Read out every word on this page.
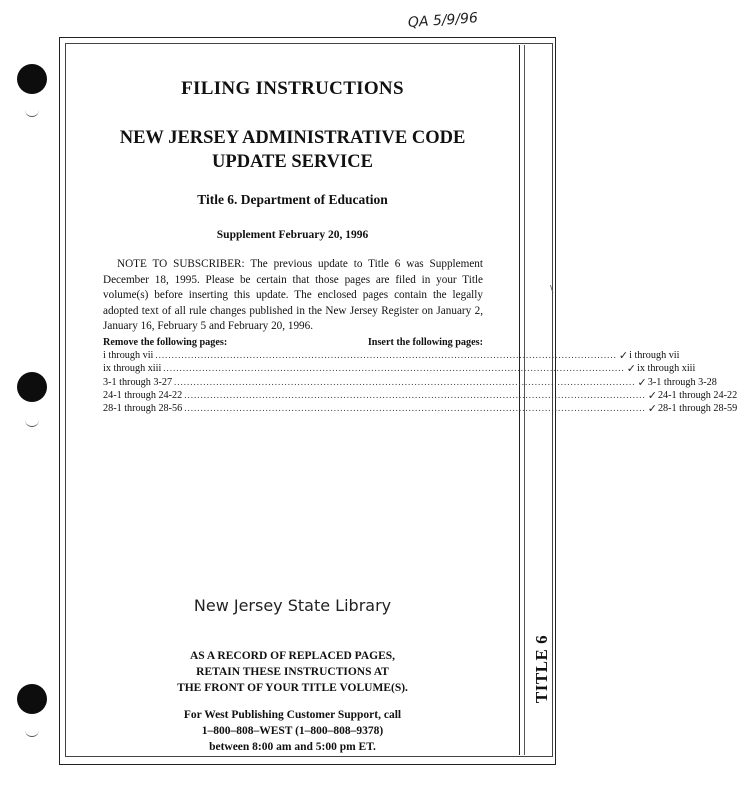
QA 5/9/96
FILING INSTRUCTIONS
NEW JERSEY ADMINISTRATIVE CODE
UPDATE SERVICE
Title 6. Department of Education
Supplement February 20, 1996
NOTE TO SUBSCRIBER: The previous update to Title 6 was Supplement December 18, 1995. Please be certain that those pages are filed in your Title volume(s) before inserting this update. The enclosed pages contain the legally adopted text of all rule changes published in the New Jersey Register on January 2, January 16, February 5 and February 20, 1996.
Remove the following pages:	Insert the following pages:
i through vii .............................................................................................................................................. ✓ i through vii
ix through xiii .............................................................................................................................................. ✓ ix through xiii
3-1 through 3-27 .............................................................................................................................................. ✓ 3-1 through 3-28
24-1 through 24-22 .............................................................................................................................................. ✓ 24-1 through 24-22
28-1 through 28-56 .............................................................................................................................................. ✓ 28-1 through 28-59
\
New Jersey State Library
AS A RECORD OF REPLACED PAGES,
RETAIN THESE INSTRUCTIONS AT
THE FRONT OF YOUR TITLE VOLUME(S).
For West Publishing Customer Support, call
1–800–808–WEST (1–800–808–9378)
between 8:00 am and 5:00 pm ET.
TITLE 6
